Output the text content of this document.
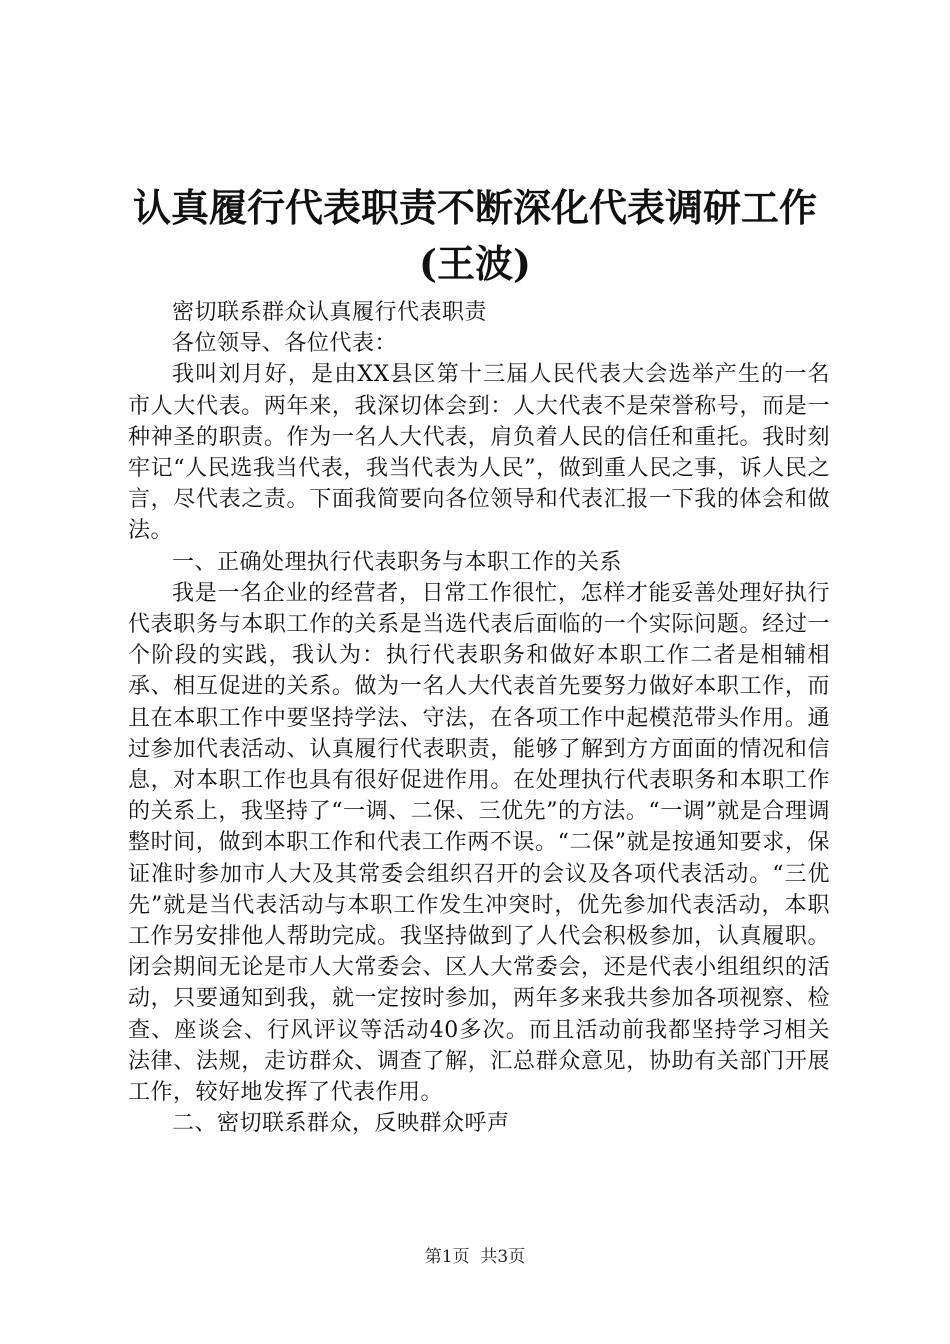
认真履行代表职责不断深化代表调研工作(王波)

密切联系群众认真履行代表职责

各位领导、各位代表：

我叫刘月好，是由XX县区第十三届人民代表大会选举产生的一名市人大代表。两年来，我深切体会到：人大代表不是荣誉称号，而是一种神圣的职责。作为一名人大代表，肩负着人民的信任和重托。我时刻牢记“人民选我当代表，我当代表为人民”，做到重人民之事，诉人民之言，尽代表之责。下面我简要向各位领导和代表汇报一下我的体会和做法。

一、正确处理执行代表职务与本职工作的关系

我是一名企业的经营者，日常工作很忙，怎样才能妥善处理好执行代表职务与本职工作的关系是当选代表后面临的一个实际问题。经过一个阶段的实践，我认为：执行代表职务和做好本职工作二者是相辅相承、相互促进的关系。做为一名人大代表首先要努力做好本职工作，而且在本职工作中要坚持学法、守法，在各项工作中起模范带头作用。通过参加代表活动、认真履行代表职责，能够了解到方方面面的情况和信息，对本职工作也具有很好促进作用。在处理执行代表职务和本职工作的关系上，我坚持了“一调、二保、三优先”的方法。“一调”就是合理调整时间，做到本职工作和代表工作两不误。“二保”就是按通知要求，保证准时参加市人大及其常委会组织召开的会议及各项代表活动。“三优先”就是当代表活动与本职工作发生冲突时，优先参加代表活动，本职工作另安排他人帮助完成。我坚持做到了人代会积极参加，认真履职。闭会期间无论是市人大常委会、区人大常委会，还是代表小组组织的活动，只要通知到我，就一定按时参加，两年多来我共参加各项视察、检查、座谈会、行风评议等活动40多次。而且活动前我都坚持学习相关法律、法规，走访群众、调查了解，汇总群众意见，协助有关部门开展工作，较好地发挥了代表作用。

二、密切联系群众，反映群众呼声

第1页 共3页
